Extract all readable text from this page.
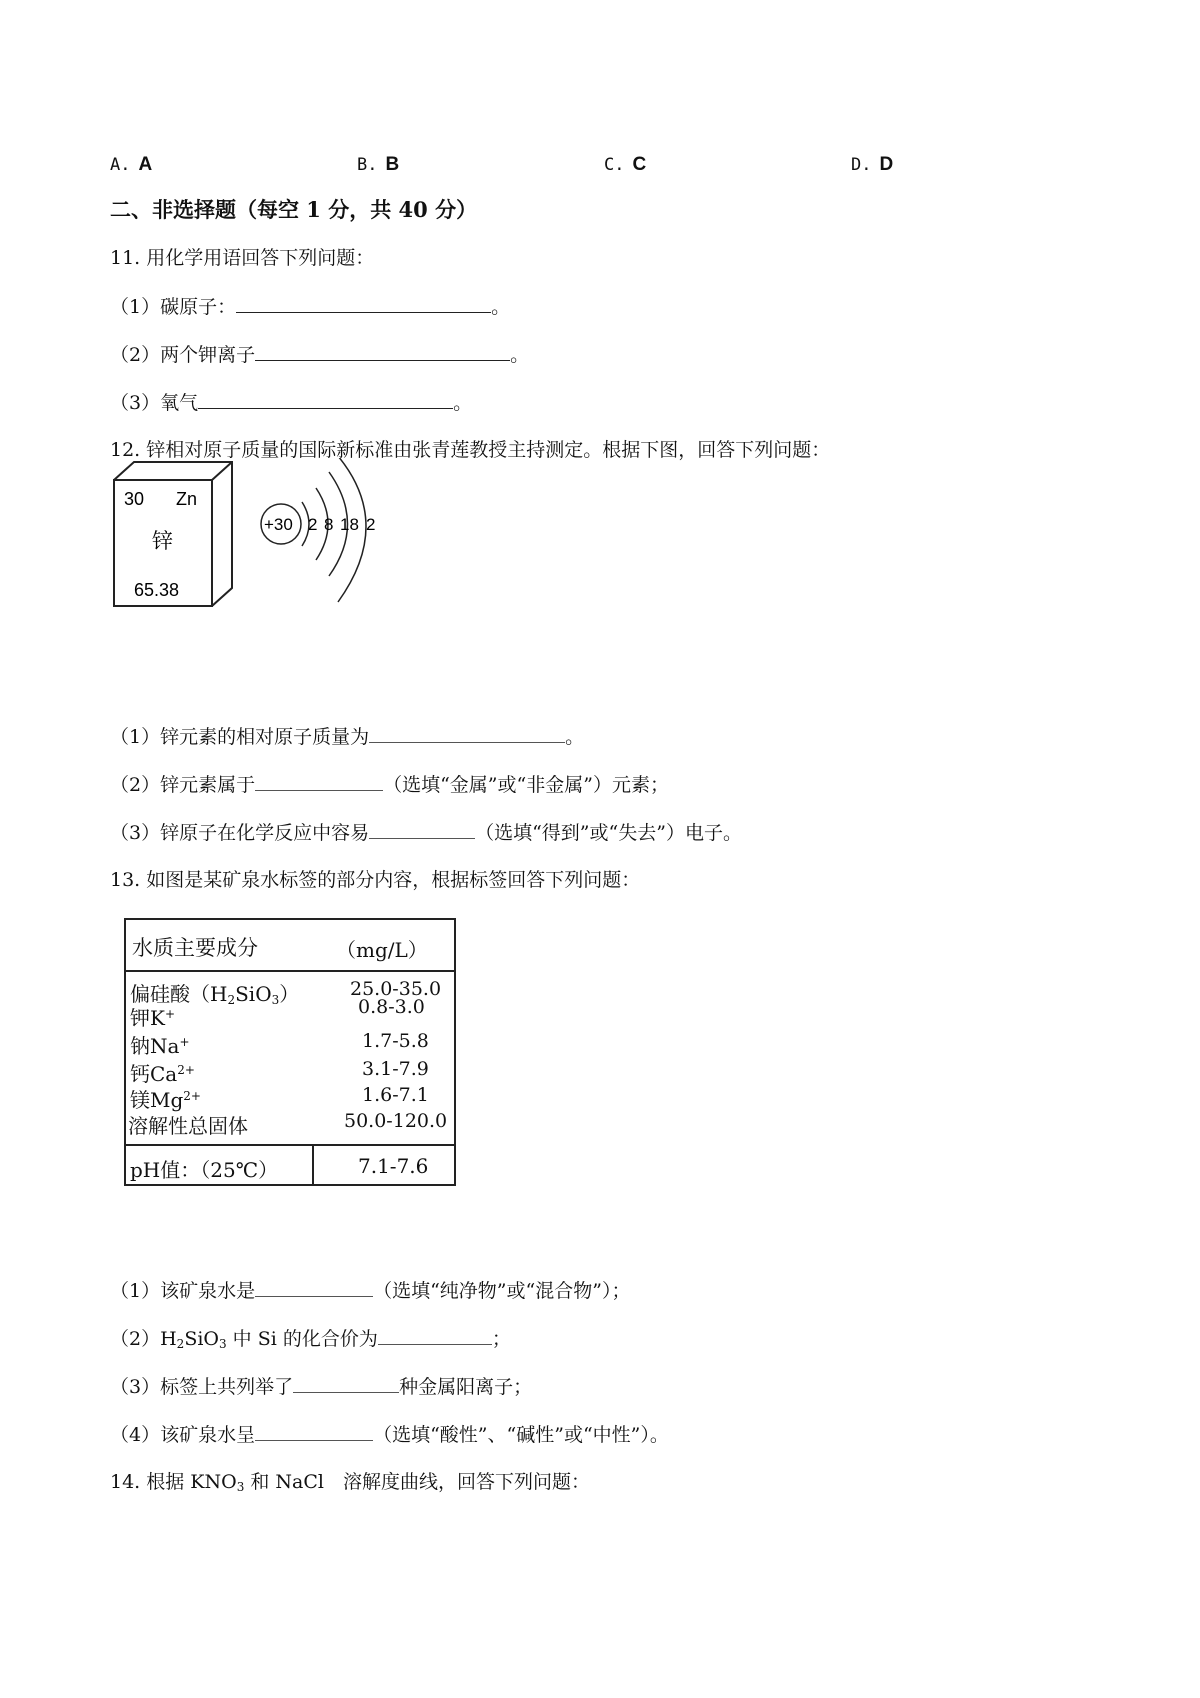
A. A	B. B	C. C	D. D
二、非选择题（每空 1 分，共 40 分）
11. 用化学用语回答下列问题：
（1）碳原子：	。
（2）两个钾离子	。
（3）氧气	。
12. 锌相对原子质量的国际新标准由张青莲教授主持测定。根据下图，回答下列问题：
30 Zn
锌
65.38
+30 2 8 18 2
（1）锌元素的相对原子质量为	。
（2）锌元素属于	（选填“金属”或“非金属”）元素；
（3）锌原子在化学反应中容易	（选填“得到”或“失去”）电子。
13. 如图是某矿泉水标签的部分内容，根据标签回答下列问题：
水质主要成分	（mg/L）
偏硅酸$(H_2SiO_3)$	25.0-35.0
钾K+	0.8-3.0
钠Na+	1.7-5.8
钙$Ca^{2+}$	3.1-7.9
镁$Mg^{2+}$	1.6-7.1
溶解性总固体	50.0-120.0
pH值：（25℃）	7.1-7.6
（1）该矿泉水是	（选填“纯净物”或“混合物”）；
$(2)H_2SiO_3$ 中 Si 的化合价为	；
（3）标签上共列举了	种金属阳离子；
（4）该矿泉水呈	（选填“酸性”、“碱性”或“中性”）。
14. 根据 $KNO_3$ 和 NaCl　溶解度曲线，回答下列问题：
